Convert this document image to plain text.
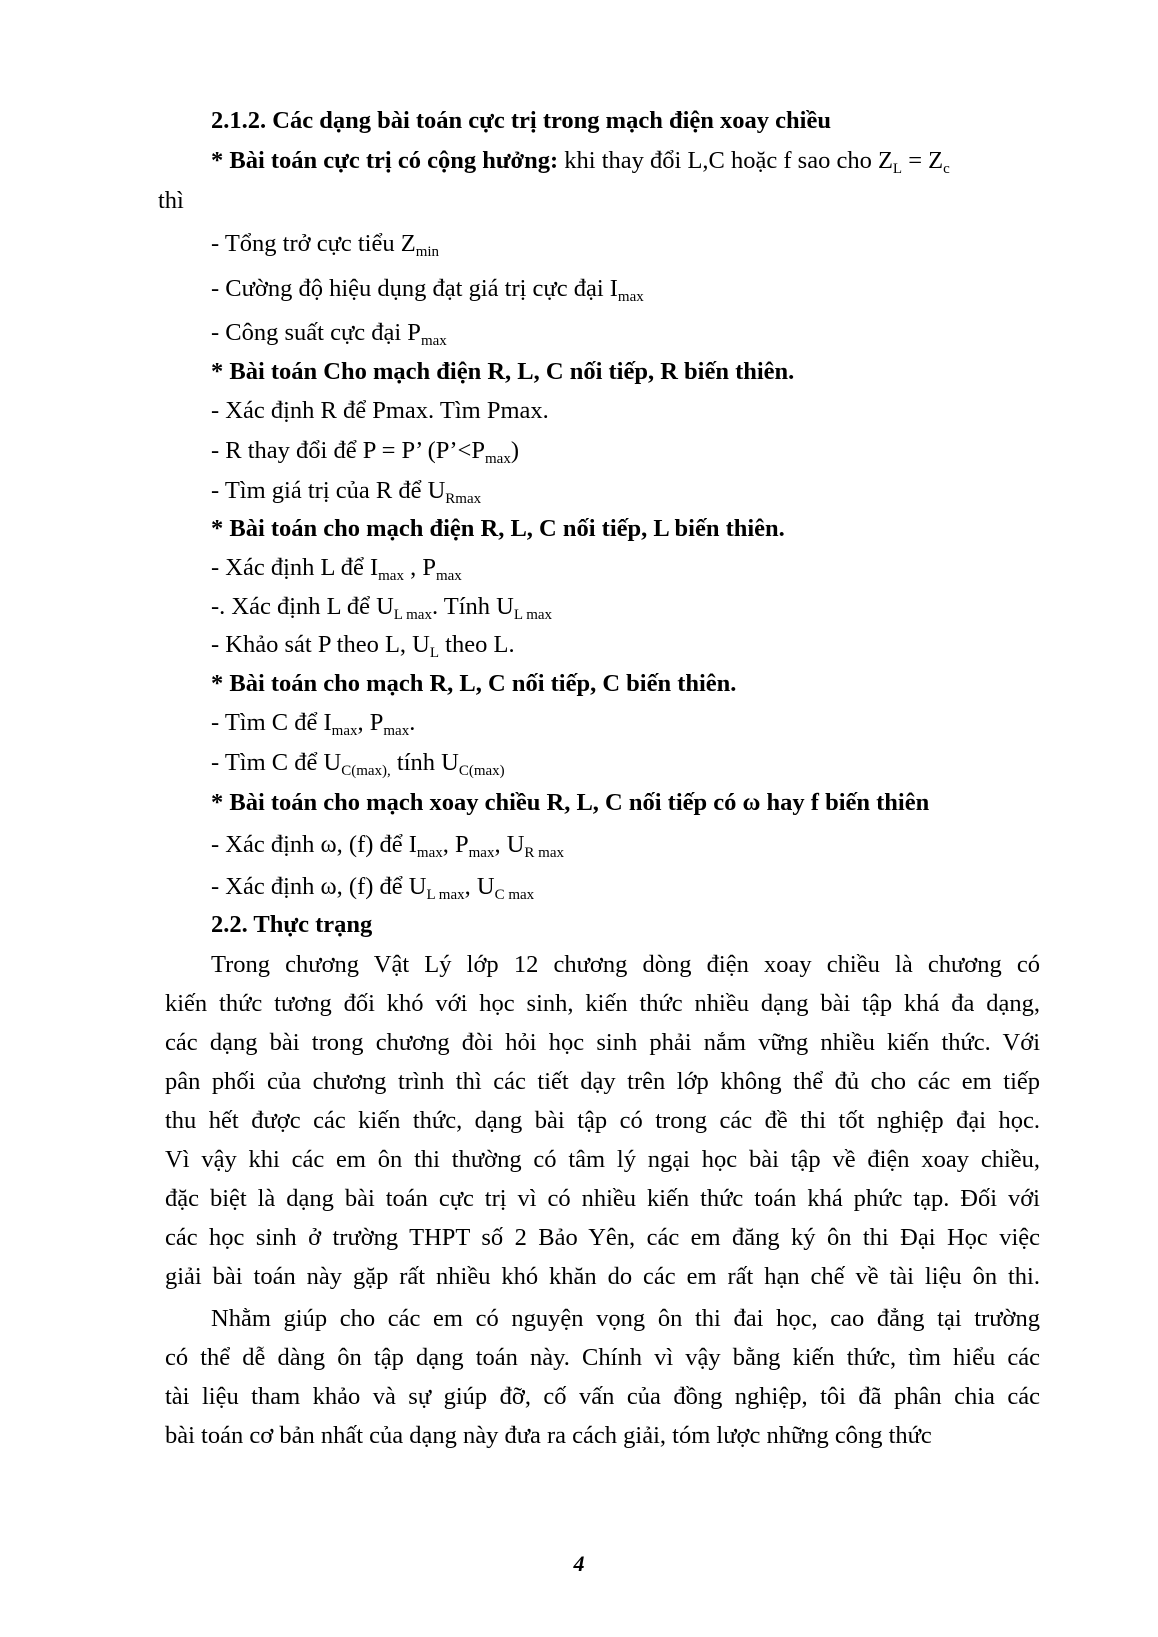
2.1.2. Các dạng bài toán cực trị trong mạch điện xoay chiều
* Bài toán cực trị có cộng hưởng: khi thay đổi L,C hoặc f sao cho $Z_L = Z_c$
thì
- Tổng trở cực tiểu $Z_{min}$
- Cường độ hiệu dụng đạt giá trị cực đại $I_{max}$
- Công suất cực đại $P_{max}$
* Bài toán Cho mạch điện R, L, C nối tiếp, R biến thiên.
- Xác định R để Pmax. Tìm Pmax.
- R thay đổi để P = P’ $(P’<P_{max})$
- Tìm giá trị của R để $U_{Rmax}$
* Bài toán cho mạch điện R, L, C nối tiếp, L biến thiên.
- Xác định L để $I_{max}$ , $P_{max}$
-. Xác định L để $U_{L max}$. Tính $U_{L max}$
- Khảo sát P theo L, $U_L$ theo L.
* Bài toán cho mạch R, L, C nối tiếp, C biến thiên.
- Tìm C để $I_{max}$, $P_{max}$.
- Tìm C để $U_{C(max),}$ tính $U_{C(max)}$
* Bài toán cho mạch xoay chiều R, L, C nối tiếp có ω hay f biến thiên
- Xác định ω, (f) để $I_{max}$, $P_{max}$, $U_{R max}$
- Xác định ω, (f) để $U_{L max}$, $U_{C max}$
2.2. Thực trạng
Trong chương Vật Lý lớp 12 chương dòng điện xoay chiều là chương có
kiến thức tương đối khó với học sinh, kiến thức nhiều dạng bài tập khá đa dạng,
các dạng bài trong chương đòi hỏi học sinh phải nắm vững nhiều kiến thức. Với
pân phối của chương trình thì các tiết dạy trên lớp không thể đủ cho các em tiếp
thu hết được các kiến thức, dạng bài tập có trong các đề thi tốt nghiệp đại học.
Vì vậy khi các em ôn thi thường có tâm lý ngại học bài tập về điện xoay chiều,
đặc biệt là dạng bài toán cực trị vì có nhiều kiến thức toán khá phức tạp. Đối với
các học sinh ở trường THPT số 2 Bảo Yên, các em đăng ký ôn thi Đại Học việc
giải bài toán này gặp rất nhiều khó khăn do các em rất hạn chế về tài liệu ôn thi.
Nhằm giúp cho các em có nguyện vọng ôn thi đai học, cao đẳng tại trường
có thể dễ dàng ôn tập dạng toán này. Chính vì vậy bằng kiến thức, tìm hiểu các
tài liệu tham khảo và sự giúp đỡ, cố vấn của đồng nghiệp, tôi đã phân chia các
bài toán cơ bản nhất của dạng này đưa ra cách giải, tóm lược những công thức
4
